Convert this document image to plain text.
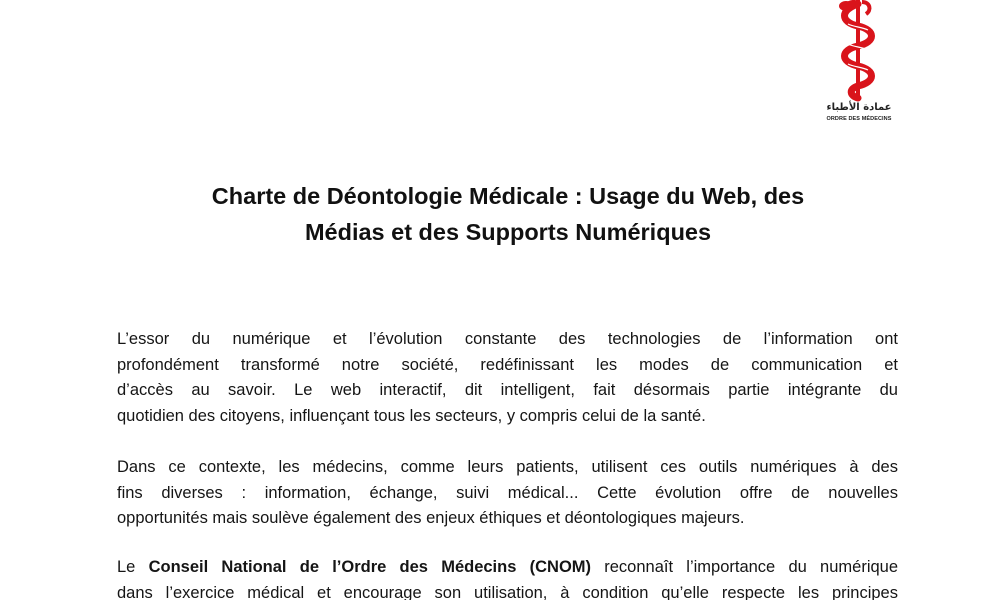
عمادة الأطباء
ORDRE DES MÉDECINS
Charte de Déontologie Médicale : Usage du Web, des
Médias et des Supports Numériques
L’essor du numérique et l’évolution constante des technologies de l’information ont
profondément transformé notre société, redéfinissant les modes de communication et
d’accès au savoir. Le web interactif, dit intelligent, fait désormais partie intégrante du
quotidien des citoyens, influençant tous les secteurs, y compris celui de la santé.
Dans ce contexte, les médecins, comme leurs patients, utilisent ces outils numériques à des
fins diverses : information, échange, suivi médical... Cette évolution offre de nouvelles
opportunités mais soulève également des enjeux éthiques et déontologiques majeurs.
Le Conseil National de l’Ordre des Médecins (CNOM) reconnaît l’importance du numérique
dans l’exercice médical et encourage son utilisation, à condition qu’elle respecte les principes
